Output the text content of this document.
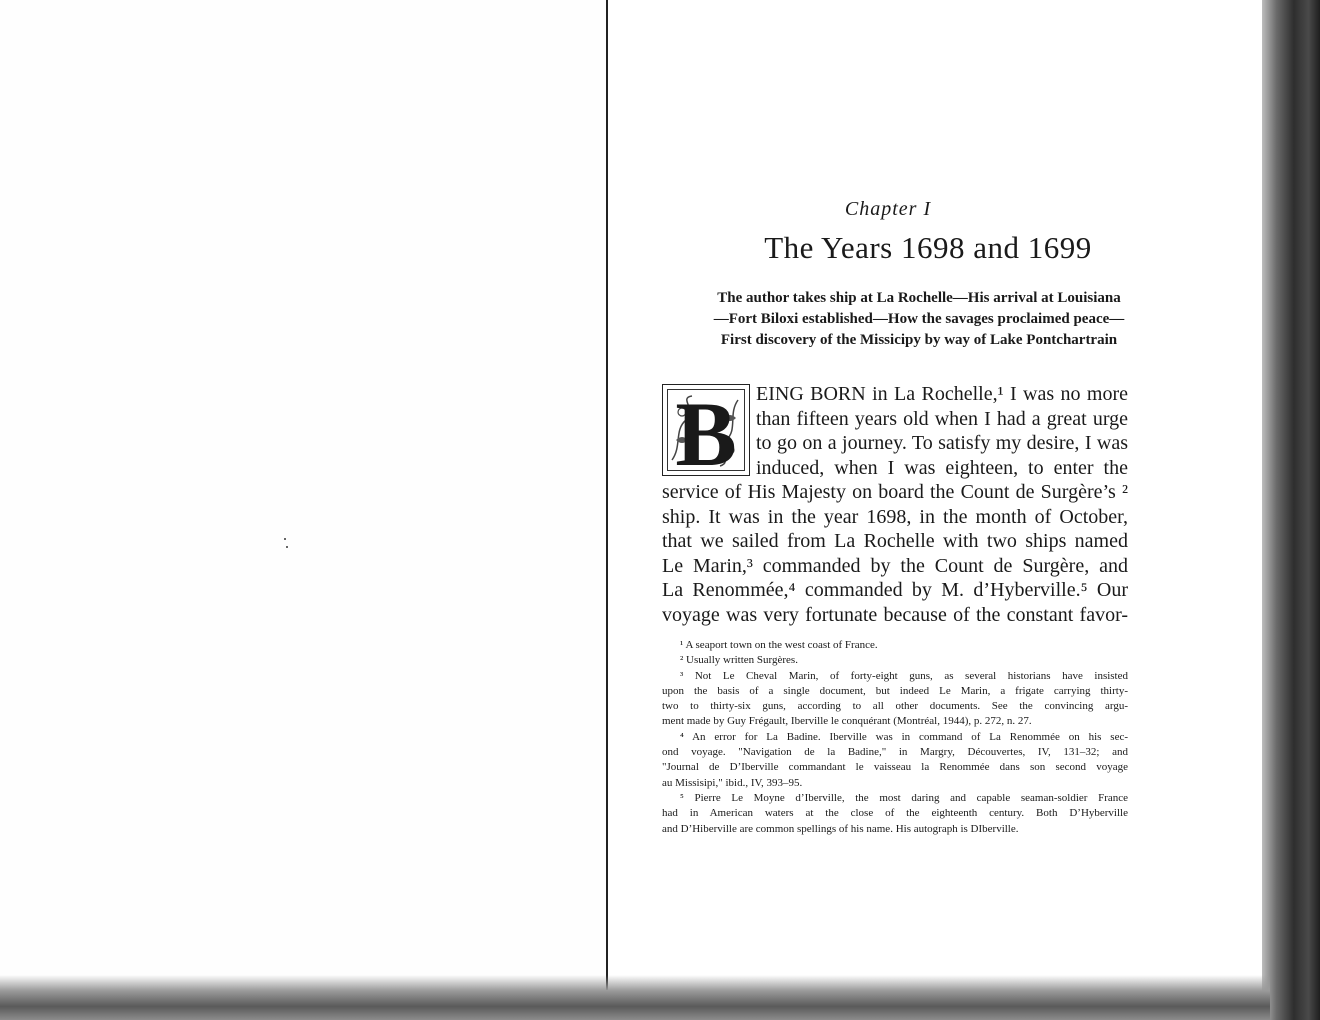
Chapter I
The Years 1698 and 1699
The author takes ship at La Rochelle—His arrival at Louisiana
—Fort Biloxi established—How the savages proclaimed peace—
First discovery of the Missicipy by way of Lake Pontchartrain
B EING BORN in La Rochelle,¹ I was no more
than fifteen years old when I had a great urge
to go on a journey. To satisfy my desire, I was
induced, when I was eighteen, to enter the
service of His Majesty on board the Count de Surgère’s ²
ship. It was in the year 1698, in the month of October,
that we sailed from La Rochelle with two ships named
Le Marin,³ commanded by the Count de Surgère, and
La Renommée,⁴ commanded by M. d’Hyberville.⁵ Our
voyage was very fortunate because of the constant favor-
¹ A seaport town on the west coast of France.
² Usually written Surgères.
³ Not Le Cheval Marin, of forty-eight guns, as several historians have insisted
upon the basis of a single document, but indeed Le Marin, a frigate carrying thirty-
two to thirty-six guns, according to all other documents. See the convincing argu-
ment made by Guy Frégault, Iberville le conquérant (Montréal, 1944), p. 272, n. 27.
⁴ An error for La Badine. Iberville was in command of La Renommée on his sec-
ond voyage. "Navigation de la Badine," in Margry, Découvertes, IV, 131–32; and
"Journal de D’Iberville commandant le vaisseau la Renommée dans son second voyage
au Missisipi," ibid., IV, 393–95.
⁵ Pierre Le Moyne d’Iberville, the most daring and capable seaman-soldier France
had in American waters at the close of the eighteenth century. Both D’Hyberville
and D’Hiberville are common spellings of his name. His autograph is DIberville.
